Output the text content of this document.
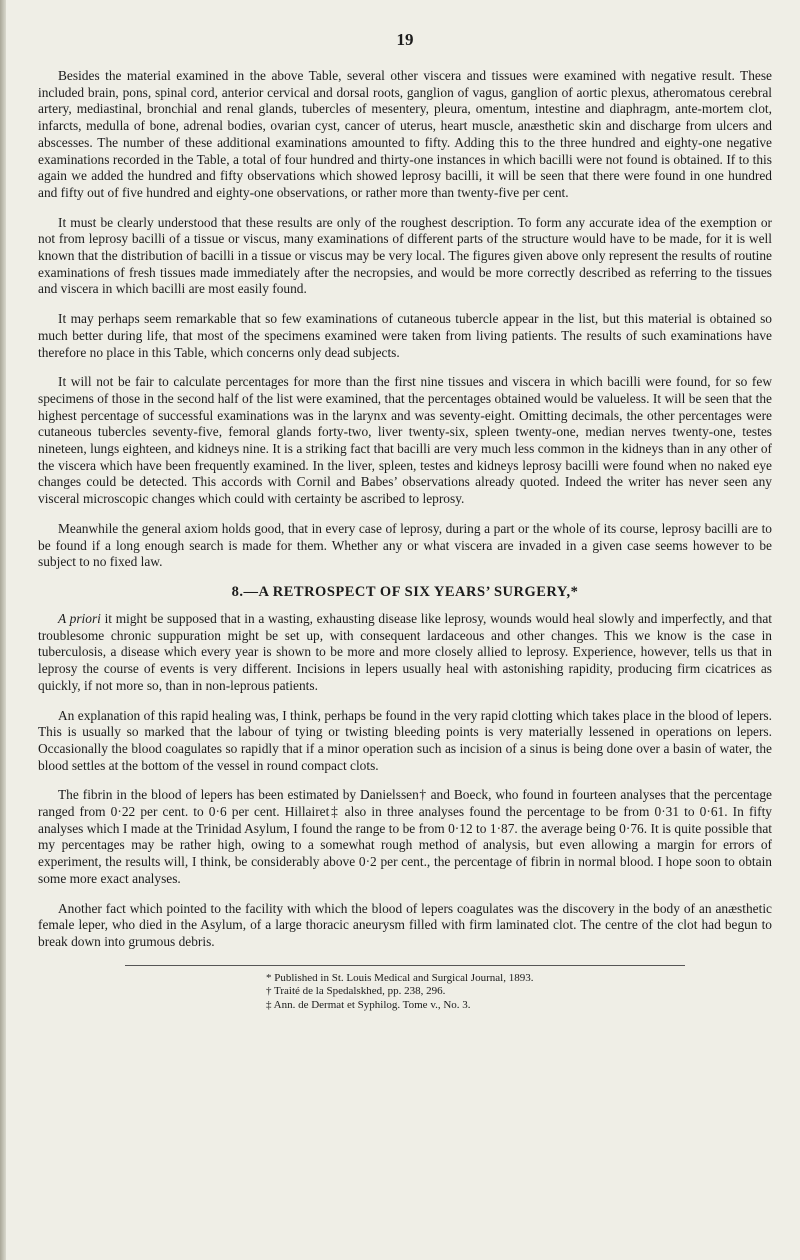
19

Besides the material examined in the above Table, several other viscera and tissues were examined with negative result. These included brain, pons, spinal cord, anterior cervical and dorsal roots, ganglion of vagus, ganglion of aortic plexus, atheromatous cerebral artery, mediastinal, bronchial and renal glands, tubercles of mesentery, pleura, omentum, intestine and diaphragm, ante-mortem clot, infarcts, medulla of bone, adrenal bodies, ovarian cyst, cancer of uterus, heart muscle, anæsthetic skin and discharge from ulcers and abscesses. The number of these additional examinations amounted to fifty. Adding this to the three hundred and eighty-one negative examinations recorded in the Table, a total of four hundred and thirty-one instances in which bacilli were not found is obtained. If to this again we added the hundred and fifty observations which showed leprosy bacilli, it will be seen that there were found in one hundred and fifty out of five hundred and eighty-one observations, or rather more than twenty-five per cent.

It must be clearly understood that these results are only of the roughest description. To form any accurate idea of the exemption or not from leprosy bacilli of a tissue or viscus, many examinations of different parts of the structure would have to be made, for it is well known that the distribution of bacilli in a tissue or viscus may be very local. The figures given above only represent the results of routine examinations of fresh tissues made immediately after the necropsies, and would be more correctly described as referring to the tissues and viscera in which bacilli are most easily found.

It may perhaps seem remarkable that so few examinations of cutaneous tubercle appear in the list, but this material is obtained so much better during life, that most of the specimens examined were taken from living patients. The results of such examinations have therefore no place in this Table, which concerns only dead subjects.

It will not be fair to calculate percentages for more than the first nine tissues and viscera in which bacilli were found, for so few specimens of those in the second half of the list were examined, that the percentages obtained would be valueless. It will be seen that the highest percentage of successful examinations was in the larynx and was seventy-eight. Omitting decimals, the other percentages were cutaneous tubercles seventy-five, femoral glands forty-two, liver twenty-six, spleen twenty-one, median nerves twenty-one, testes nineteen, lungs eighteen, and kidneys nine. It is a striking fact that bacilli are very much less common in the kidneys than in any other of the viscera which have been frequently examined. In the liver, spleen, testes and kidneys leprosy bacilli were found when no naked eye changes could be detected. This accords with Cornil and Babes’ observations already quoted. Indeed the writer has never seen any visceral microscopic changes which could with certainty be ascribed to leprosy.

Meanwhile the general axiom holds good, that in every case of leprosy, during a part or the whole of its course, leprosy bacilli are to be found if a long enough search is made for them. Whether any or what viscera are invaded in a given case seems however to be subject to no fixed law.

8.—A RETROSPECT OF SIX YEARS’ SURGERY,*

A priori it might be supposed that in a wasting, exhausting disease like leprosy, wounds would heal slowly and imperfectly, and that troublesome chronic suppuration might be set up, with consequent lardaceous and other changes. This we know is the case in tuberculosis, a disease which every year is shown to be more and more closely allied to leprosy. Experience, however, tells us that in leprosy the course of events is very different. Incisions in lepers usually heal with astonishing rapidity, producing firm cicatrices as quickly, if not more so, than in non-leprous patients.

An explanation of this rapid healing was, I think, perhaps be found in the very rapid clotting which takes place in the blood of lepers. This is usually so marked that the labour of tying or twisting bleeding points is very materially lessened in operations on lepers. Occasionally the blood coagulates so rapidly that if a minor operation such as incision of a sinus is being done over a basin of water, the blood settles at the bottom of the vessel in round compact clots.

The fibrin in the blood of lepers has been estimated by Danielssen† and Boeck, who found in fourteen analyses that the percentage ranged from 0·22 per cent. to 0·6 per cent. Hillairet‡ also in three analyses found the percentage to be from 0·31 to 0·61. In fifty analyses which I made at the Trinidad Asylum, I found the range to be from 0·12 to 1·87. the average being 0·76. It is quite possible that my percentages may be rather high, owing to a somewhat rough method of analysis, but even allowing a margin for errors of experiment, the results will, I think, be considerably above 0·2 per cent., the percentage of fibrin in normal blood. I hope soon to obtain some more exact analyses.

Another fact which pointed to the facility with which the blood of lepers coagulates was the discovery in the body of an anæsthetic female leper, who died in the Asylum, of a large thoracic aneurysm filled with firm laminated clot. The centre of the clot had begun to break down into grumous debris.

* Published in St. Louis Medical and Surgical Journal, 1893.
† Traité de la Spedalskhed, pp. 238, 296.
‡ Ann. de Dermat et Syphilog. Tome v., No. 3.
